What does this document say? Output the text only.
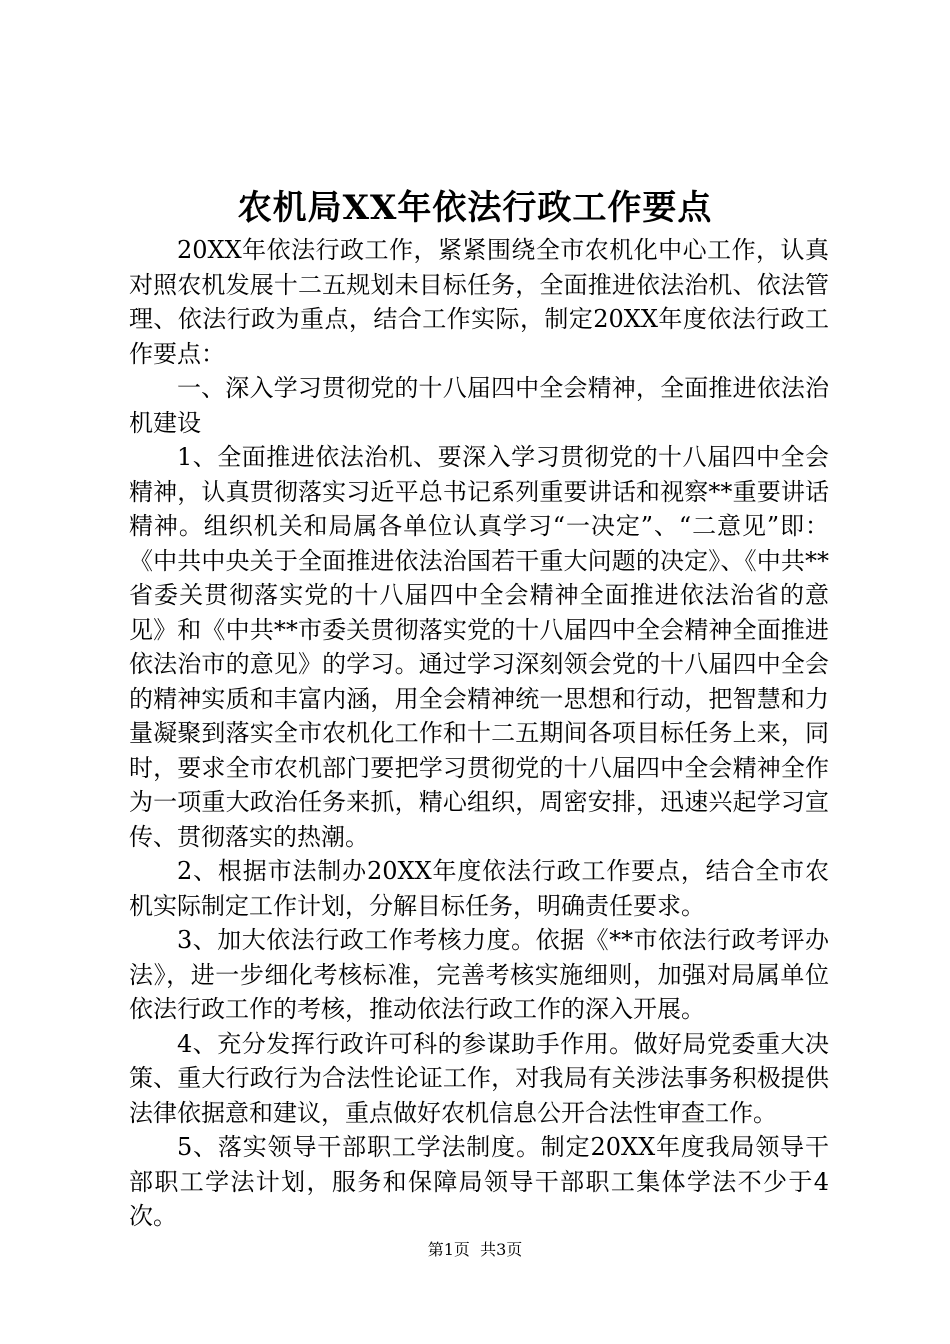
农机局XX年依法行政工作要点

20XX年依法行政工作，紧紧围绕全市农机化中心工作，认真对照农机发展十二五规划未目标任务，全面推进依法治机、依法管理、依法行政为重点，结合工作实际，制定20XX年度依法行政工作要点：

一、深入学习贯彻党的十八届四中全会精神，全面推进依法治机建设

1、全面推进依法治机、要深入学习贯彻党的十八届四中全会精神，认真贯彻落实习近平总书记系列重要讲话和视察**重要讲话精神。组织机关和局属各单位认真学习“一决定”、“二意见”即：《中共中央关于全面推进依法治国若干重大问题的决定》、《中共**省委关贯彻落实党的十八届四中全会精神全面推进依法治省的意见》和《中共**市委关贯彻落实党的十八届四中全会精神全面推进依法治市的意见》的学习。通过学习深刻领会党的十八届四中全会的精神实质和丰富内涵，用全会精神统一思想和行动，把智慧和力量凝聚到落实全市农机化工作和十二五期间各项目标任务上来，同时，要求全市农机部门要把学习贯彻党的十八届四中全会精神全作为一项重大政治任务来抓，精心组织，周密安排，迅速兴起学习宣传、贯彻落实的热潮。

2、根据市法制办20XX年度依法行政工作要点，结合全市农机实际制定工作计划，分解目标任务，明确责任要求。

3、加大依法行政工作考核力度。依据《**市依法行政考评办法》，进一步细化考核标准，完善考核实施细则，加强对局属单位依法行政工作的考核，推动依法行政工作的深入开展。

4、充分发挥行政许可科的参谋助手作用。做好局党委重大决策、重大行政行为合法性论证工作，对我局有关涉法事务积极提供法律依据意和建议，重点做好农机信息公开合法性审查工作。

5、落实领导干部职工学法制度。制定20XX年度我局领导干部职工学法计划，服务和保障局领导干部职工集体学法不少于4次。

第1页  共3页
